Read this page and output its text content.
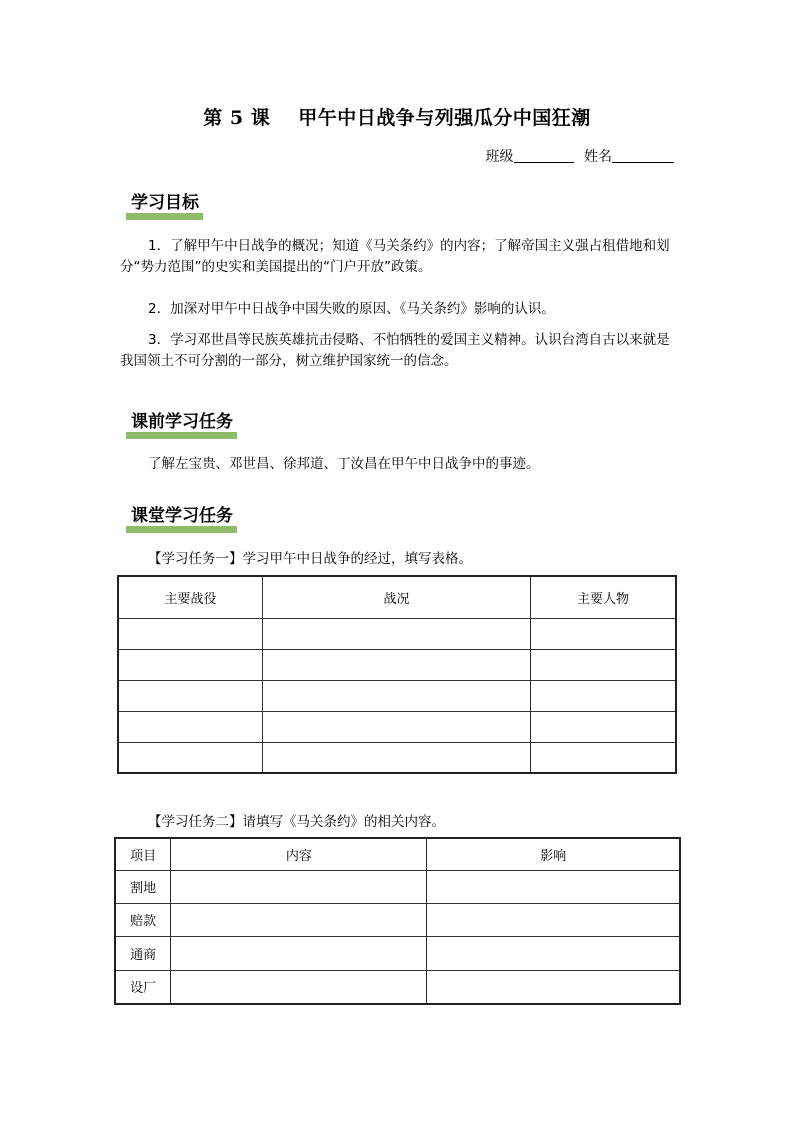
第 5 课 甲午中日战争与列强瓜分中国狂潮
班级	姓名
学习目标
1．了解甲午中日战争的概况；知道《马关条约》的内容；了解帝国主义强占租借地和划分“势力范围”的史实和美国提出的“门户开放”政策。
2．加深对甲午中日战争中国失败的原因、《马关条约》影响的认识。
3．学习邓世昌等民族英雄抗击侵略、不怕牺牲的爱国主义精神。认识台湾自古以来就是我国领土不可分割的一部分，树立维护国家统一的信念。
课前学习任务
了解左宝贵、邓世昌、徐邦道、丁汝昌在甲午中日战争中的事迹。
课堂学习任务
【学习任务一】学习甲午中日战争的经过，填写表格。
主要战役	战况	主要人物

【学习任务二】请填写《马关条约》的相关内容。
项目	内容	影响
割地		
赔款		
通商		
设厂		
